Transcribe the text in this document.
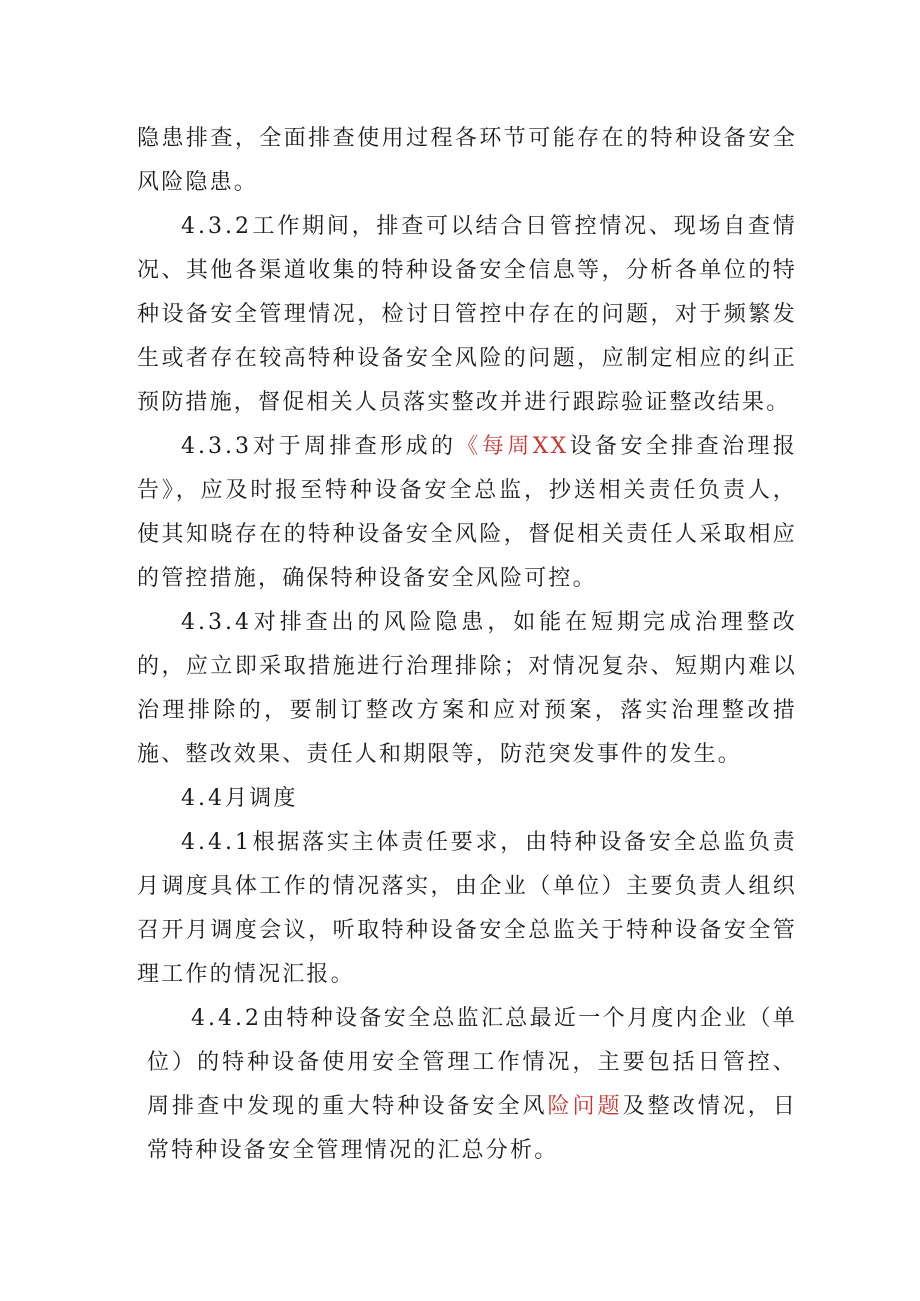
隐患排查，全面排查使用过程各环节可能存在的特种设备安全风险隐患。

4.3.2工作期间，排查可以结合日管控情况、现场自查情况、其他各渠道收集的特种设备安全信息等，分析各单位的特种设备安全管理情况，检讨日管控中存在的问题，对于频繁发生或者存在较高特种设备安全风险的问题，应制定相应的纠正预防措施，督促相关人员落实整改并进行跟踪验证整改结果。

4.3.3对于周排查形成的《每周XX设备安全排查治理报告》，应及时报至特种设备安全总监，抄送相关责任负责人，使其知晓存在的特种设备安全风险，督促相关责任人采取相应的管控措施，确保特种设备安全风险可控。

4.3.4对排查出的风险隐患，如能在短期完成治理整改的，应立即采取措施进行治理排除；对情况复杂、短期内难以治理排除的，要制订整改方案和应对预案，落实治理整改措施、整改效果、责任人和期限等，防范突发事件的发生。

4.4月调度

4.4.1根据落实主体责任要求，由特种设备安全总监负责月调度具体工作的情况落实，由企业（单位）主要负责人组织召开月调度会议，听取特种设备安全总监关于特种设备安全管理工作的情况汇报。

4.4.2由特种设备安全总监汇总最近一个月度内企业（单位）的特种设备使用安全管理工作情况，主要包括日管控、周排查中发现的重大特种设备安全风险问题及整改情况，日常特种设备安全管理情况的汇总分析。
